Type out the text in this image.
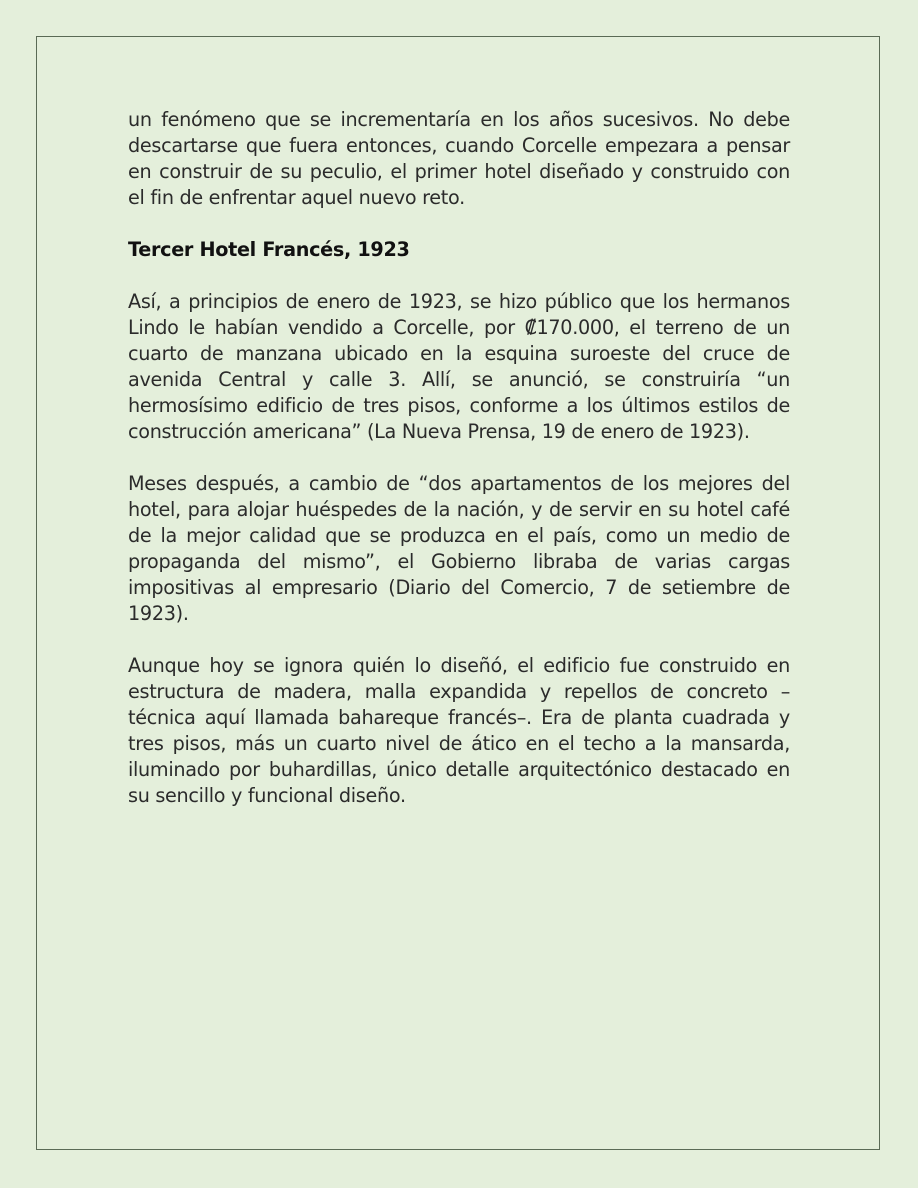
un fenómeno que se incrementaría en los años sucesivos. No debe descartarse que fuera entonces, cuando Corcelle empezara a pensar en construir de su peculio, el primer hotel diseñado y construido con el fin de enfrentar aquel nuevo reto.

Tercer Hotel Francés, 1923

Así, a principios de enero de 1923, se hizo público que los hermanos Lindo le habían vendido a Corcelle, por ₡170.000, el terreno de un cuarto de manzana ubicado en la esquina suroeste del cruce de avenida Central y calle 3. Allí, se anunció, se construiría “un hermosísimo edificio de tres pisos, conforme a los últimos estilos de construcción americana” (La Nueva Prensa, 19 de enero de 1923).

Meses después, a cambio de “dos apartamentos de los mejores del hotel, para alojar huéspedes de la nación, y de servir en su hotel café de la mejor calidad que se produzca en el país, como un medio de propaganda del mismo”, el Gobierno libraba de varias cargas impositivas al empresario (Diario del Comercio, 7 de setiembre de 1923).

Aunque hoy se ignora quién lo diseñó, el edificio fue construido en estructura de madera, malla expandida y repellos de concreto –técnica aquí llamada bahareque francés–. Era de planta cuadrada y tres pisos, más un cuarto nivel de ático en el techo a la mansarda, iluminado por buhardillas, único detalle arquitectónico destacado en su sencillo y funcional diseño.
